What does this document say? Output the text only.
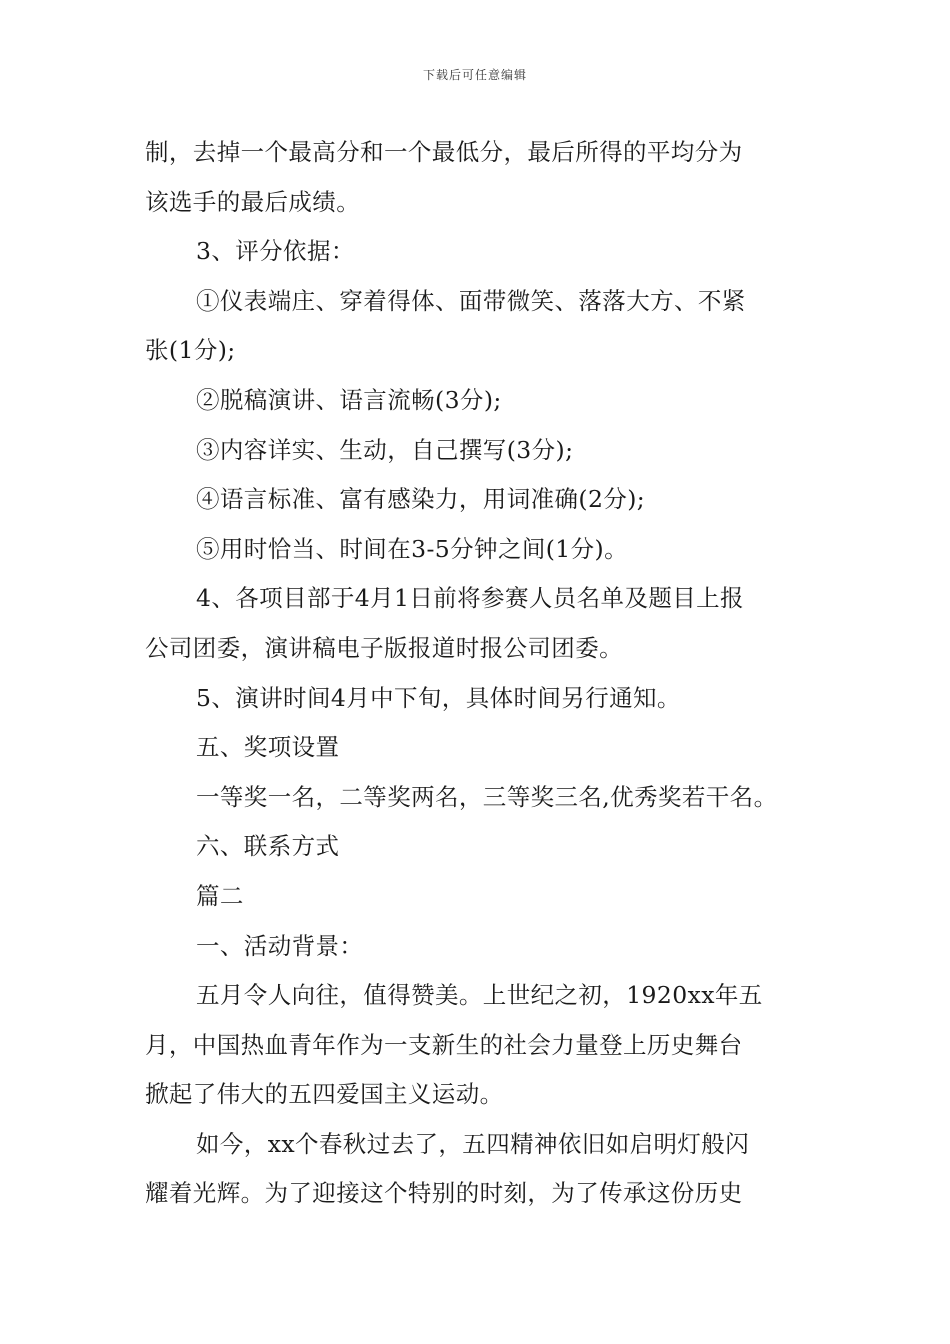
下载后可任意编辑
制，去掉一个最高分和一个最低分，最后所得的平均分为
该选手的最后成绩。
3、评分依据：
①仪表端庄、穿着得体、面带微笑、落落大方、不紧
张(1分);
②脱稿演讲、语言流畅(3分);
③内容详实、生动，自己撰写(3分);
④语言标准、富有感染力，用词准确(2分);
⑤用时恰当、时间在3-5分钟之间(1分)。
4、各项目部于4月1日前将参赛人员名单及题目上报
公司团委，演讲稿电子版报道时报公司团委。
5、演讲时间4月中下旬，具体时间另行通知。
五、奖项设置
一等奖一名，二等奖两名，三等奖三名,优秀奖若干名。
六、联系方式
篇二
一、活动背景：
五月令人向往，值得赞美。上世纪之初，1920xx年五
月，中国热血青年作为一支新生的社会力量登上历史舞台
掀起了伟大的五四爱国主义运动。
如今，xx个春秋过去了，五四精神依旧如启明灯般闪
耀着光辉。为了迎接这个特别的时刻，为了传承这份历史
